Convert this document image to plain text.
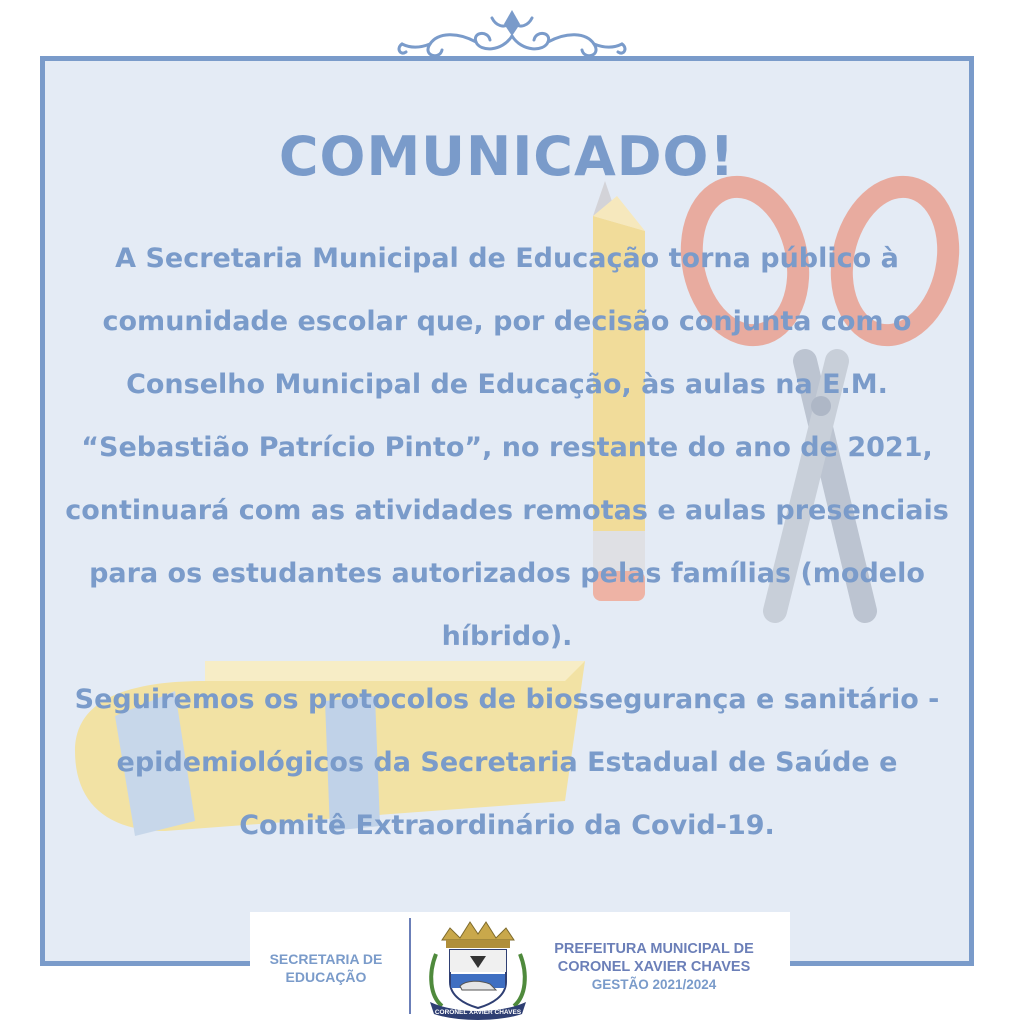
COMUNICADO!

A Secretaria Municipal de Educação torna público à comunidade escolar que, por decisão conjunta com o Conselho Municipal de Educação, às aulas na E.M. “Sebastião Patrício Pinto”, no restante do ano de 2021, continuará com as atividades remotas e aulas presenciais para os estudantes autorizados pelas famílias (modelo híbrido).

Seguiremos os protocolos de biossegurança e sanitário - epidemiológicos da Secretaria Estadual de Saúde e Comitê Extraordinário da Covid-19.

SECRETARIA DE
EDUCAÇÃO
CORONEL XAVIER CHAVES
PREFEITURA MUNICIPAL DE
CORONEL XAVIER CHAVES
GESTÃO 2021/2024
